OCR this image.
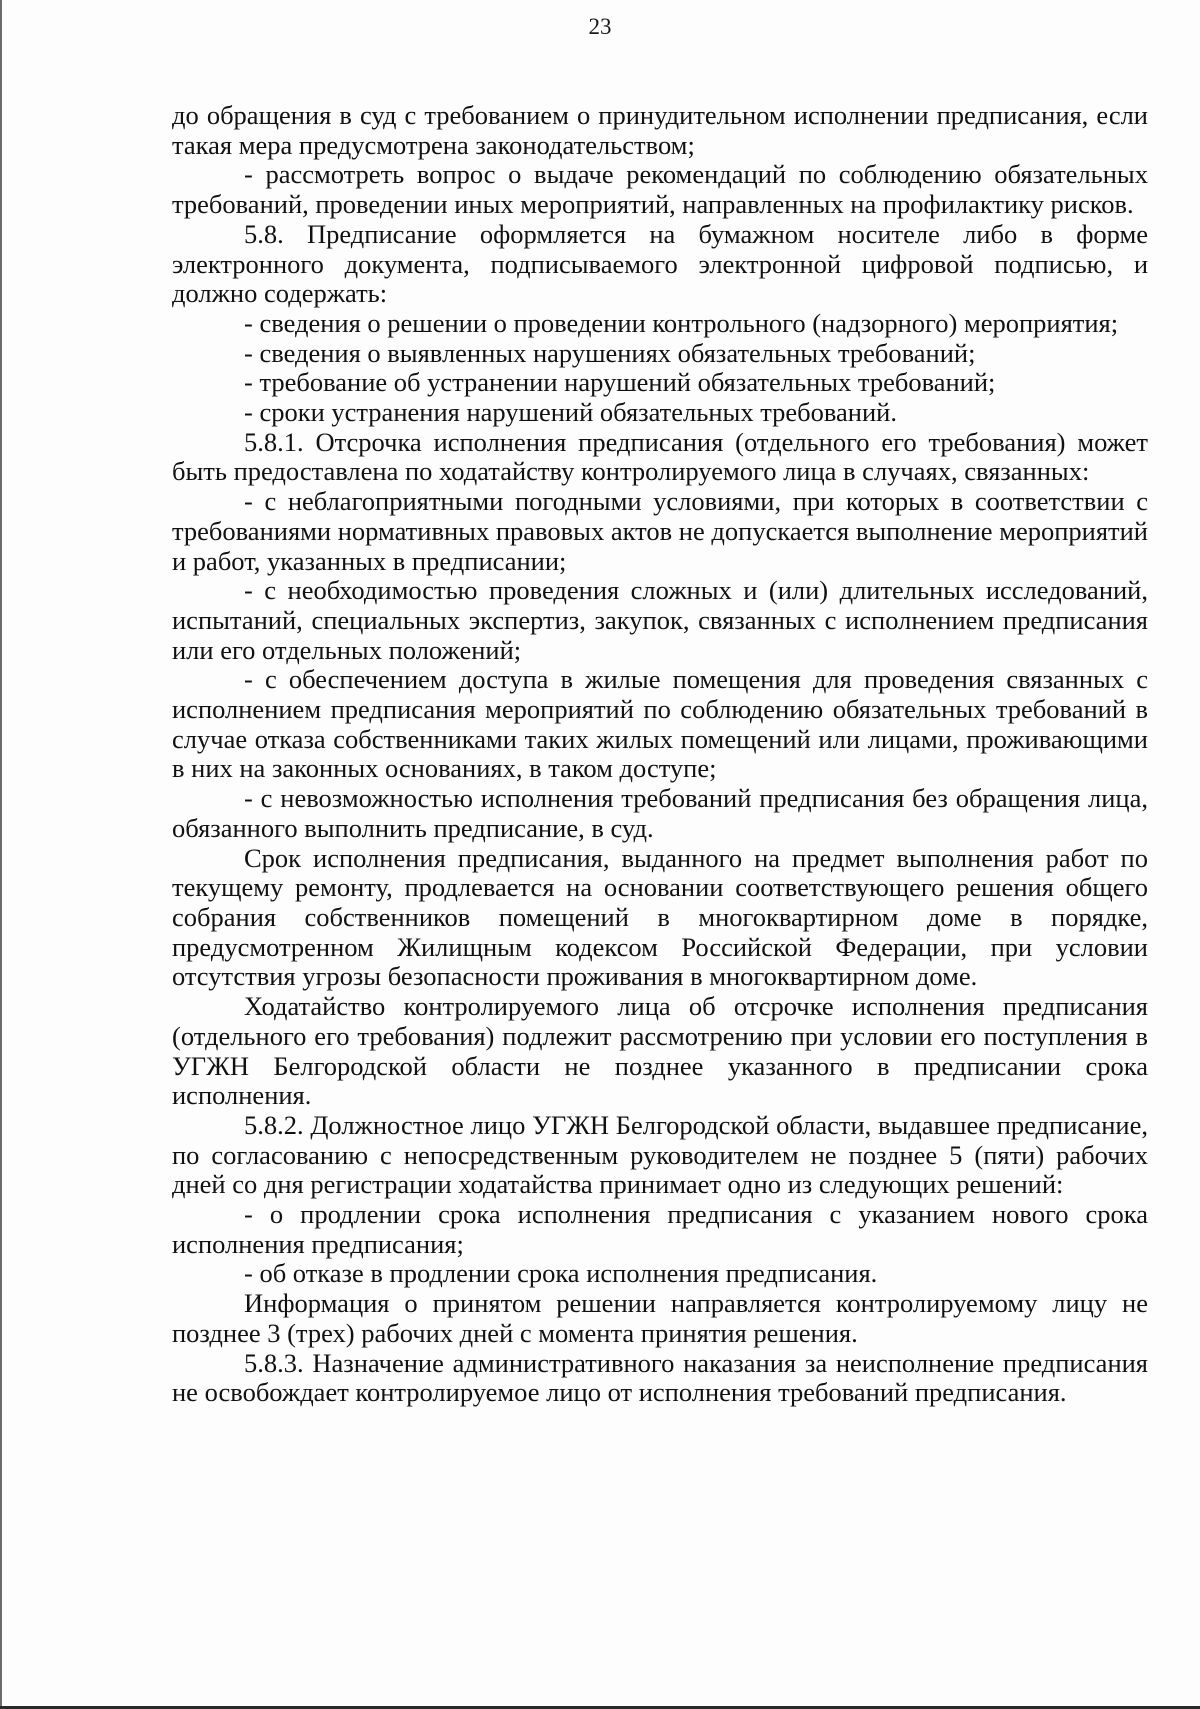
23

до обращения в суд с требованием о принудительном исполнении предписания, если такая мера предусмотрена законодательством;

- рассмотреть вопрос о выдаче рекомендаций по соблюдению обязательных требований, проведении иных мероприятий, направленных на профилактику рисков.

5.8. Предписание оформляется на бумажном носителе либо в форме электронного документа, подписываемого электронной цифровой подписью, и должно содержать:

- сведения о решении о проведении контрольного (надзорного) мероприятия;

- сведения о выявленных нарушениях обязательных требований;

- требование об устранении нарушений обязательных требований;

- сроки устранения нарушений обязательных требований.

5.8.1. Отсрочка исполнения предписания (отдельного его требования) может быть предоставлена по ходатайству контролируемого лица в случаях, связанных:

- с неблагоприятными погодными условиями, при которых в соответствии с требованиями нормативных правовых актов не допускается выполнение мероприятий и работ, указанных в предписании;

- с необходимостью проведения сложных и (или) длительных исследований, испытаний, специальных экспертиз, закупок, связанных с исполнением предписания или его отдельных положений;

- с обеспечением доступа в жилые помещения для проведения связанных с исполнением предписания мероприятий по соблюдению обязательных требований в случае отказа собственниками таких жилых помещений или лицами, проживающими в них на законных основаниях, в таком доступе;

- с невозможностью исполнения требований предписания без обращения лица, обязанного выполнить предписание, в суд.

Срок исполнения предписания, выданного на предмет выполнения работ по текущему ремонту, продлевается на основании соответствующего решения общего собрания собственников помещений в многоквартирном доме в порядке, предусмотренном Жилищным кодексом Российской Федерации, при условии отсутствия угрозы безопасности проживания в многоквартирном доме.

Ходатайство контролируемого лица об отсрочке исполнения предписания (отдельного его требования) подлежит рассмотрению при условии его поступления в УГЖН Белгородской области не позднее указанного в предписании срока исполнения.

5.8.2. Должностное лицо УГЖН Белгородской области, выдавшее предписание, по согласованию с непосредственным руководителем не позднее 5 (пяти) рабочих дней со дня регистрации ходатайства принимает одно из следующих решений:

- о продлении срока исполнения предписания с указанием нового срока исполнения предписания;

- об отказе в продлении срока исполнения предписания.

Информация о принятом решении направляется контролируемому лицу не позднее 3 (трех) рабочих дней с момента принятия решения.

5.8.3. Назначение административного наказания за неисполнение предписания не освобождает контролируемое лицо от исполнения требований предписания.
